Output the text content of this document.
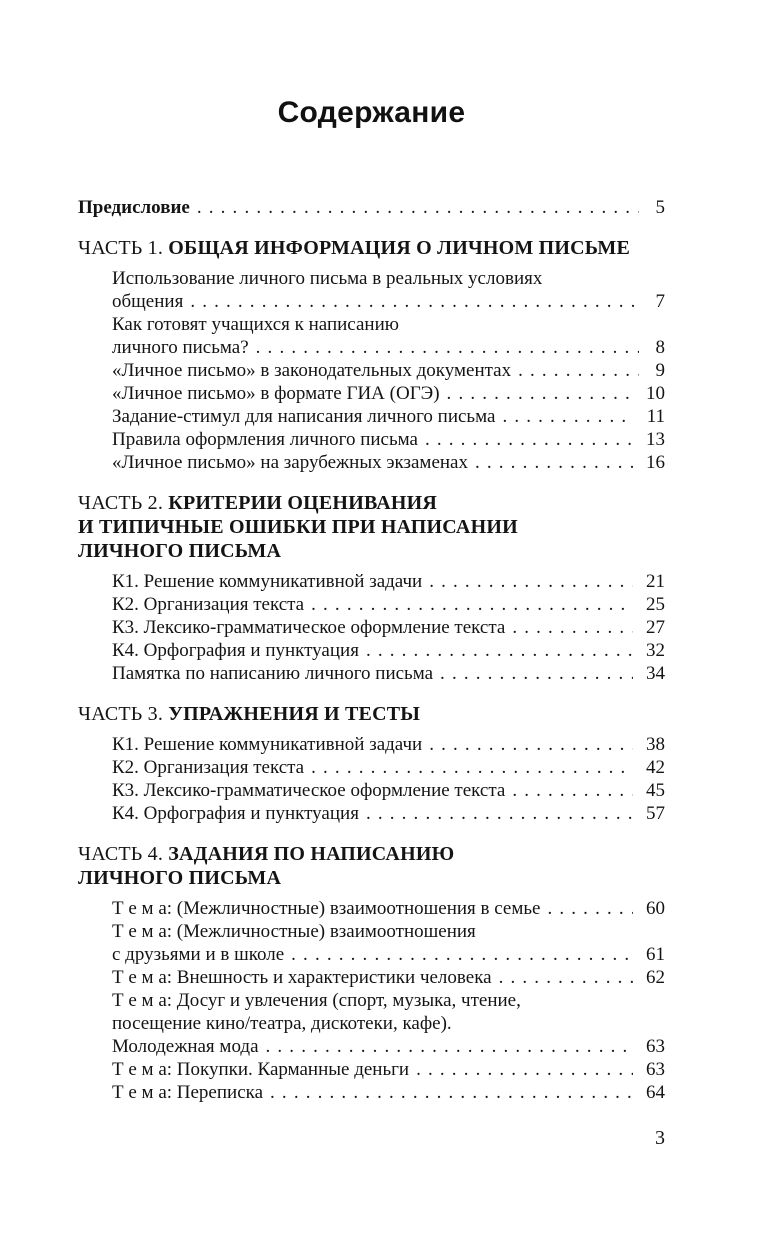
Содержание
Предисловие . . .	5
ЧАСТЬ 1. ОБЩАЯ ИНФОРМАЦИЯ О ЛИЧНОМ ПИСЬМЕ
Использование личного письма в реальных условиях
общения . . .	7
Как готовят учащихся к написанию
личного письма? . . .	8
«Личное письмо» в законодательных документах . . .	9
«Личное письмо» в формате ГИА (ОГЭ) . . .	10
Задание-стимул для написания личного письма . . .	11
Правила оформления личного письма . . .	13
«Личное письмо» на зарубежных экзаменах . . .	16
ЧАСТЬ 2. КРИТЕРИИ ОЦЕНИВАНИЯ
И ТИПИЧНЫЕ ОШИБКИ ПРИ НАПИСАНИИ
ЛИЧНОГО ПИСЬМА
К1. Решение коммуникативной задачи . . .	21
К2. Организация текста . . .	25
К3. Лексико-грамматическое оформление текста . . .	27
К4. Орфография и пунктуация . . .	32
Памятка по написанию личного письма . . .	34
ЧАСТЬ 3. УПРАЖНЕНИЯ И ТЕСТЫ
К1. Решение коммуникативной задачи . . .	38
К2. Организация текста . . .	42
К3. Лексико-грамматическое оформление текста . . .	45
К4. Орфография и пунктуация . . .	57
ЧАСТЬ 4. ЗАДАНИЯ ПО НАПИСАНИЮ
ЛИЧНОГО ПИСЬМА
Т е м а: (Межличностные) взаимоотношения в семье . . .	60
Т е м а: (Межличностные) взаимоотношения
с друзьями и в школе . . .	61
Т е м а: Внешность и характеристики человека . . .	62
Т е м а: Досуг и увлечения (спорт, музыка, чтение,
посещение кино/театра, дискотеки, кафе).
Молодежная мода . . .	63
Т е м а: Покупки. Карманные деньги . . .	63
Т е м а: Переписка . . .	64
3
